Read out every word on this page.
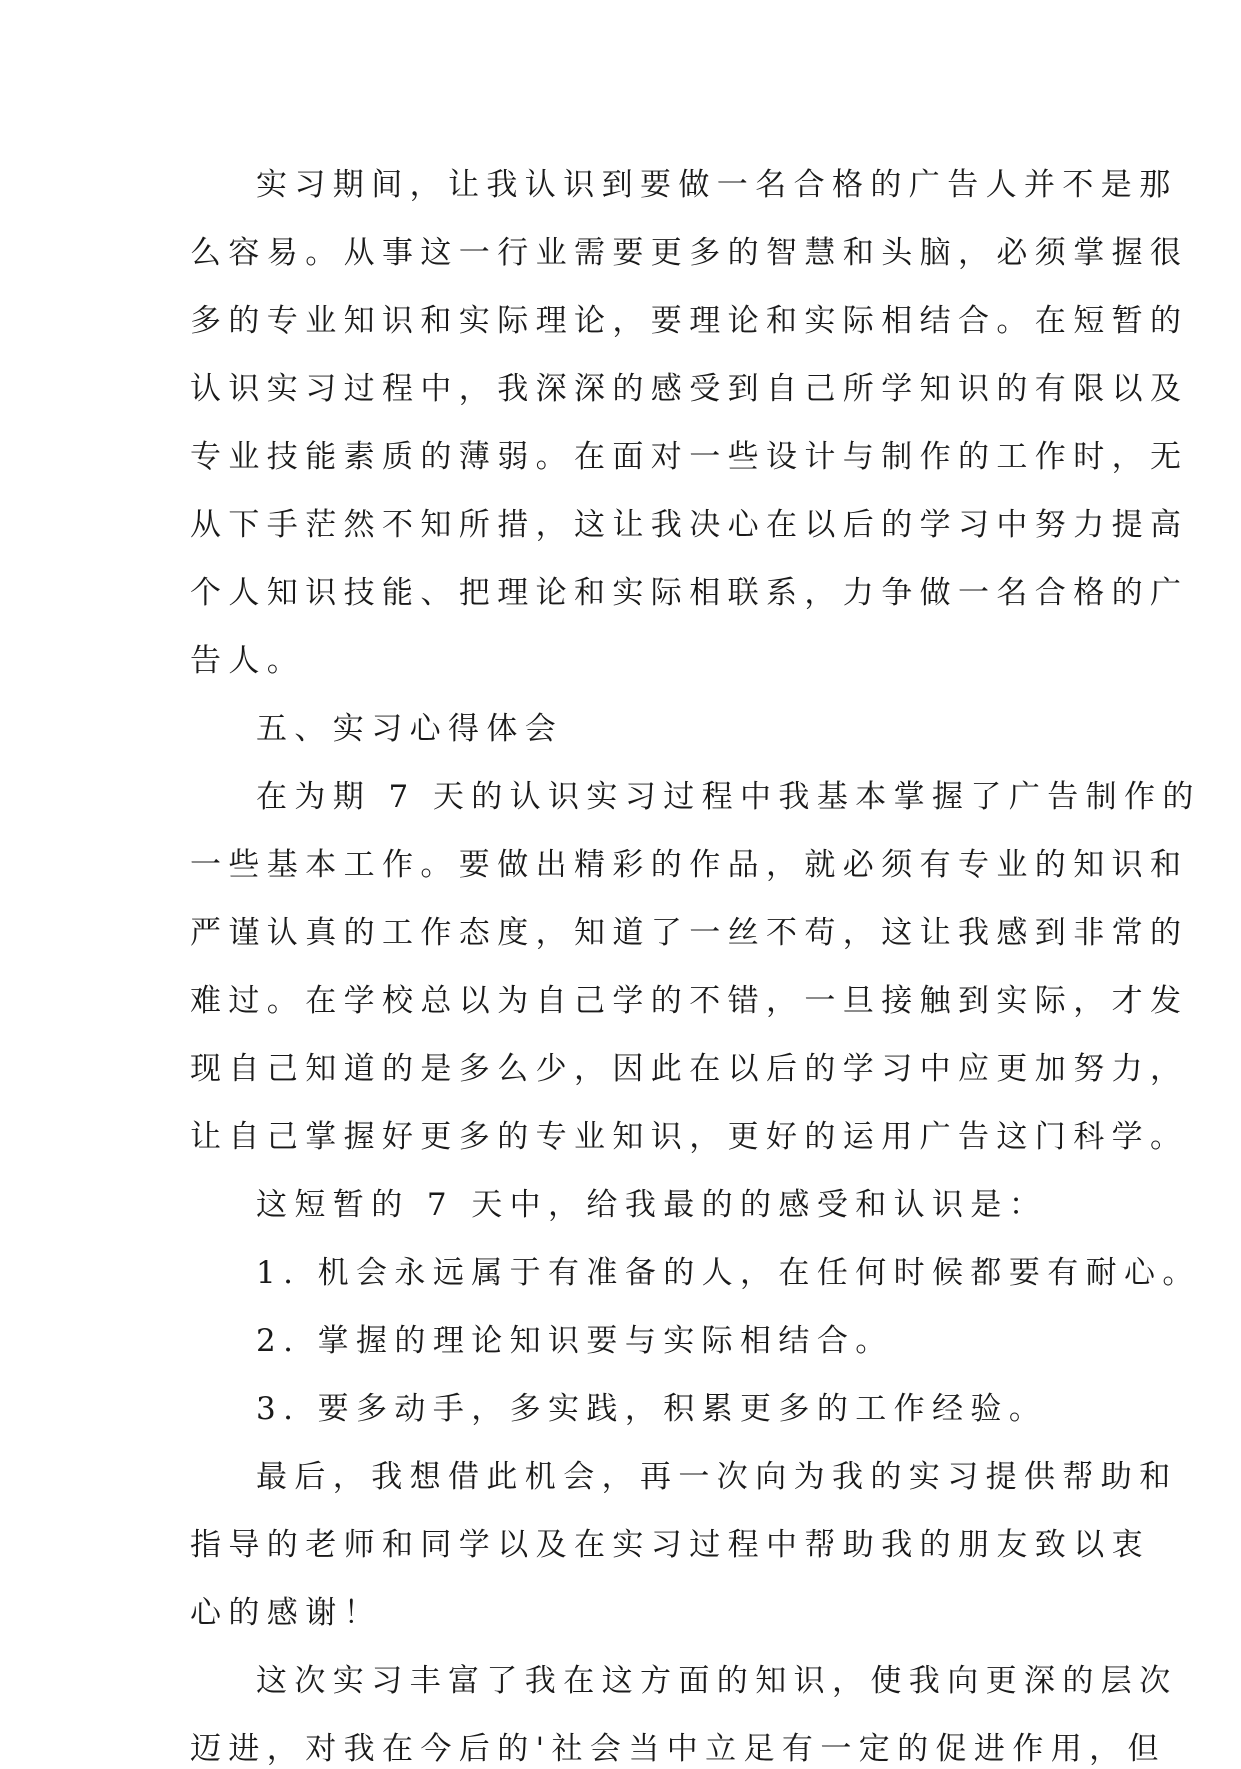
实习期间，让我认识到要做一名合格的广告人并不是那
么容易。从事这一行业需要更多的智慧和头脑，必须掌握很
多的专业知识和实际理论，要理论和实际相结合。在短暂的
认识实习过程中，我深深的感受到自己所学知识的有限以及
专业技能素质的薄弱。在面对一些设计与制作的工作时，无
从下手茫然不知所措，这让我决心在以后的学习中努力提高
个人知识技能、把理论和实际相联系，力争做一名合格的广
告人。
五、实习心得体会
在为期 7 天的认识实习过程中我基本掌握了广告制作的
一些基本工作。要做出精彩的作品，就必须有专业的知识和
严谨认真的工作态度，知道了一丝不苟，这让我感到非常的
难过。在学校总以为自己学的不错，一旦接触到实际，才发
现自己知道的是多么少，因此在以后的学习中应更加努力，
让自己掌握好更多的专业知识，更好的运用广告这门科学。
这短暂的 7 天中，给我最的的感受和认识是：
1. 机会永远属于有准备的人，在任何时候都要有耐心。
2. 掌握的理论知识要与实际相结合。
3. 要多动手，多实践，积累更多的工作经验。
最后，我想借此机会，再一次向为我的实习提供帮助和
指导的老师和同学以及在实习过程中帮助我的朋友致以衷
心的感谢！
这次实习丰富了我在这方面的知识，使我向更深的层次
迈进，对我在今后的'社会当中立足有一定的促进作用，但
